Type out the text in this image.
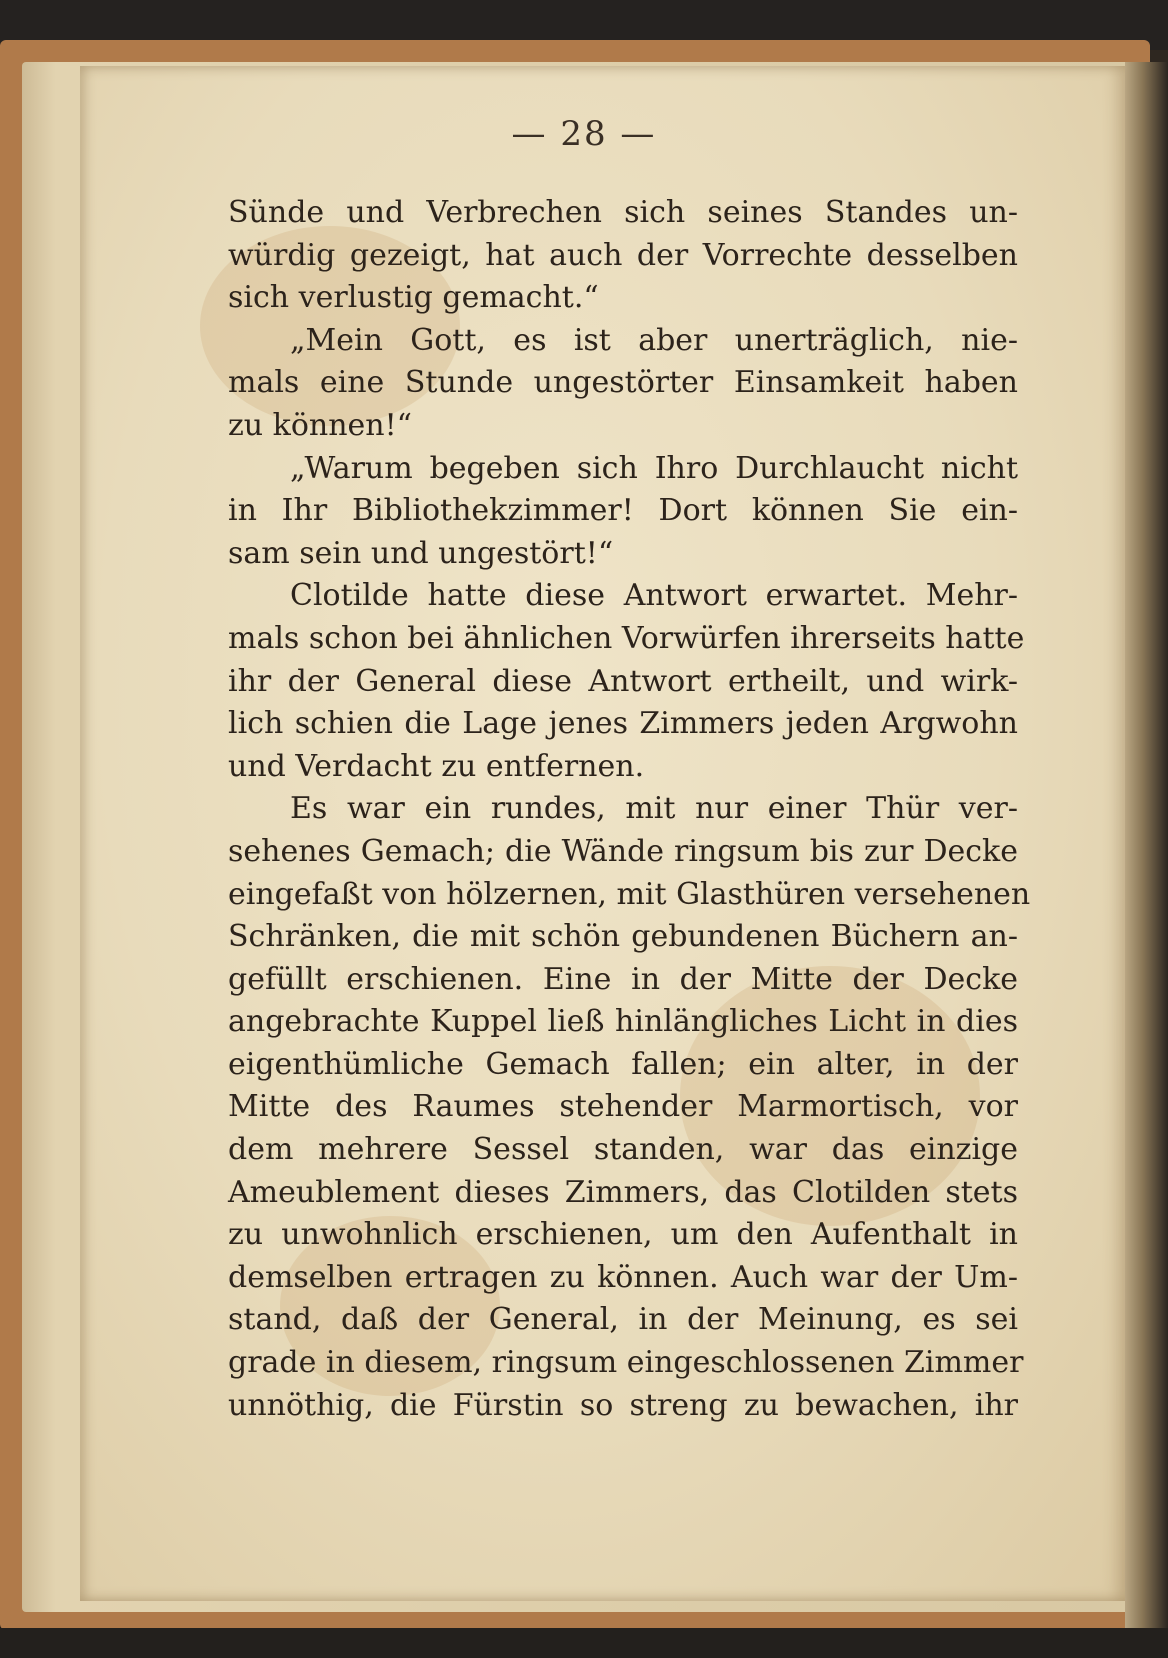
— 28 —
Sünde und Verbrechen sich seines Standes un-
würdig gezeigt, hat auch der Vorrechte desselben
sich verlustig gemacht.“
„Mein Gott, es ist aber unerträglich, nie-
mals eine Stunde ungestörter Einsamkeit haben
zu können!“
„Warum begeben sich Ihro Durchlaucht nicht
in Ihr Bibliothekzimmer! Dort können Sie ein-
sam sein und ungestört!“
Clotilde hatte diese Antwort erwartet. Mehr-
mals schon bei ähnlichen Vorwürfen ihrerseits hatte
ihr der General diese Antwort ertheilt, und wirk-
lich schien die Lage jenes Zimmers jeden Argwohn
und Verdacht zu entfernen.
Es war ein rundes, mit nur einer Thür ver-
sehenes Gemach; die Wände ringsum bis zur Decke
eingefaßt von hölzernen, mit Glasthüren versehenen
Schränken, die mit schön gebundenen Büchern an-
gefüllt erschienen. Eine in der Mitte der Decke
angebrachte Kuppel ließ hinlängliches Licht in dies
eigenthümliche Gemach fallen; ein alter, in der
Mitte des Raumes stehender Marmortisch, vor
dem mehrere Sessel standen, war das einzige
Ameublement dieses Zimmers, das Clotilden stets
zu unwohnlich erschienen, um den Aufenthalt in
demselben ertragen zu können. Auch war der Um-
stand, daß der General, in der Meinung, es sei
grade in diesem, ringsum eingeschlossenen Zimmer
unnöthig, die Fürstin so streng zu bewachen, ihr
